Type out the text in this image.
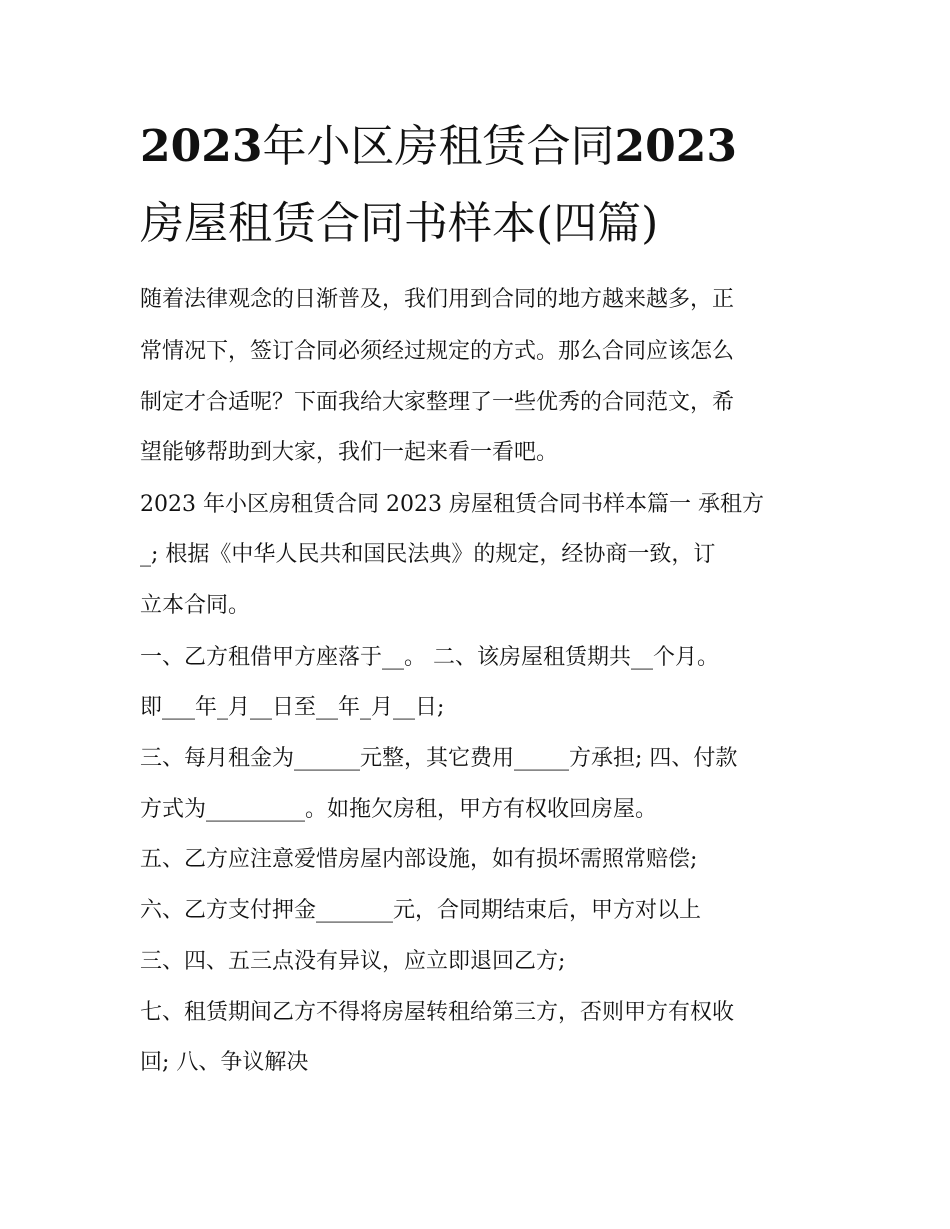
2023年小区房租赁合同2023
房屋租赁合同书样本(四篇)

随着法律观念的日渐普及，我们用到合同的地方越来越多，正

常情况下，签订合同必须经过规定的方式。那么合同应该怎么

制定才合适呢？下面我给大家整理了一些优秀的合同范文，希

望能够帮助到大家，我们一起来看一看吧。

2023 年小区房租赁合同 2023 房屋租赁合同书样本篇一 承租方

_; 根据《中华人民共和国民法典》的规定，经协商一致，订

立本合同。

一、乙方租借甲方座落于__。 二、该房屋租赁期共__个月。

即___年_月__日至__年_月__日;

三、每月租金为______元整，其它费用_____方承担; 四、付款

方式为_________。如拖欠房租，甲方有权收回房屋。

五、乙方应注意爱惜房屋内部设施，如有损坏需照常赔偿;

六、乙方支付押金_______元，合同期结束后，甲方对以上

三、四、五三点没有异议，应立即退回乙方;

七、租赁期间乙方不得将房屋转租给第三方，否则甲方有权收

回; 八、争议解决
